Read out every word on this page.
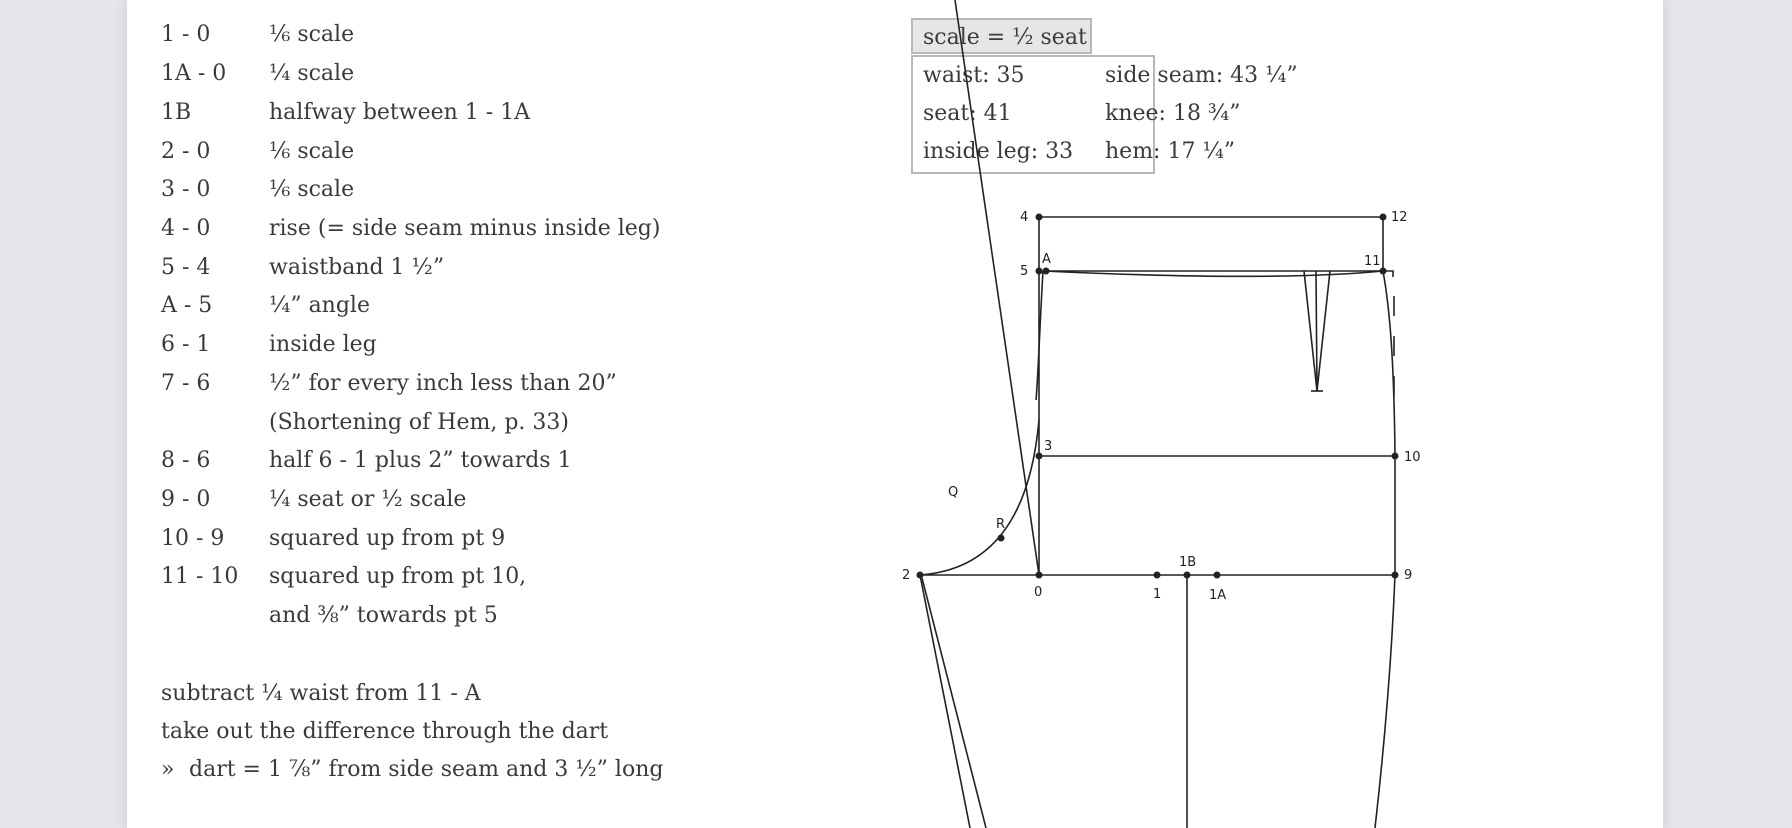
1 - 0	⅙ scale
1A - 0 ¼ scale
1B	halfway between 1 - 1A
2 - 0	⅙ scale
3 - 0	⅙ scale
4 - 0	rise (= side seam minus inside leg)
5 - 4	waistband 1 ½”
A - 5	¼” angle
6 - 1	inside leg
7 - 6	½” for every inch less than 20”
(Shortening of Hem, p. 33)
8 - 6	half 6 - 1 plus 2” towards 1
9 - 0	¼ seat or ½ scale
10 - 9 squared up from pt 9
11 - 10 squared up from pt 10,
and ⅜” towards pt 5
subtract ¼ waist from 11 - A
take out the difference through the dart
» dart = 1 ⅞” from side seam and 3 ½” long
scale = ½ seat
waist: 35	side seam: 43 ¼”
seat: 41	knee: 18 ¾”
inside leg: 33 hem: 17 ¼”
4	12
A
5
11
3
10
Q
R
2
1B
9
0	1	1A
